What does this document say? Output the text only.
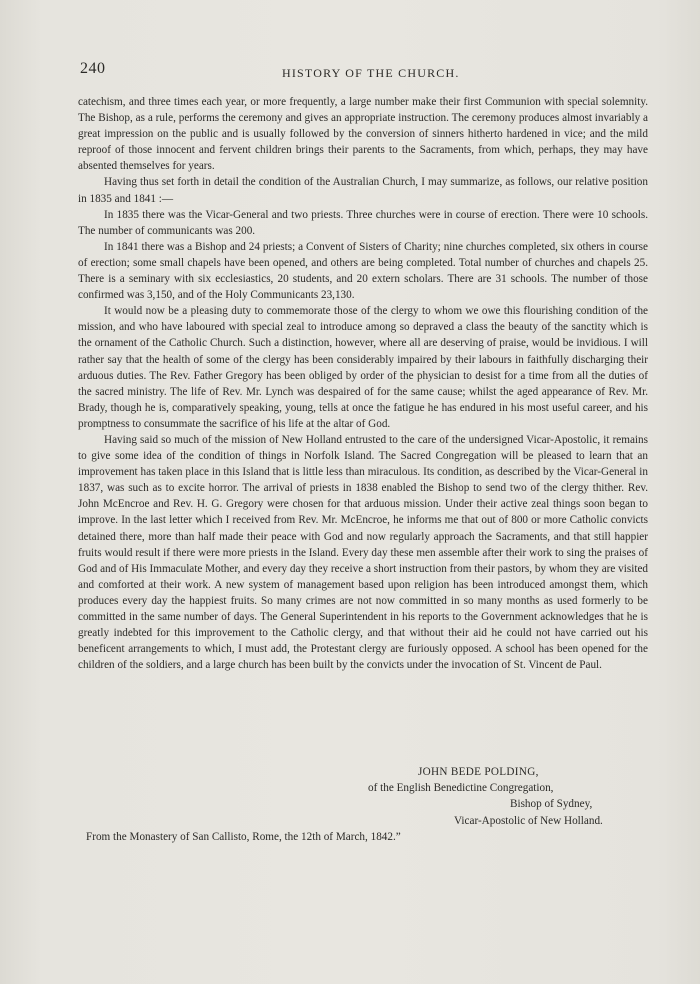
240	HISTORY OF THE CHURCH.

catechism, and three times each year, or more frequently, a large number make their first Communion with special solemnity. The Bishop, as a rule, performs the ceremony and gives an appropriate instruction. The ceremony produces almost invariably a great impression on the public and is usually followed by the conversion of sinners hitherto hardened in vice; and the mild reproof of those innocent and fervent children brings their parents to the Sacraments, from which, perhaps, they may have absented themselves for years.

Having thus set forth in detail the condition of the Australian Church, I may summarize, as follows, our relative position in 1835 and 1841 :—

In 1835 there was the Vicar-General and two priests. Three churches were in course of erection. There were 10 schools. The number of communicants was 200.

In 1841 there was a Bishop and 24 priests; a Convent of Sisters of Charity; nine churches completed, six others in course of erection; some small chapels have been opened, and others are being completed. Total number of churches and chapels 25. There is a seminary with six ecclesiastics, 20 students, and 20 extern scholars. There are 31 schools. The number of those confirmed was 3,150, and of the Holy Communicants 23,130.

It would now be a pleasing duty to commemorate those of the clergy to whom we owe this flourishing condition of the mission, and who have laboured with special zeal to introduce among so depraved a class the beauty of the sanctity which is the ornament of the Catholic Church. Such a distinction, however, where all are deserving of praise, would be invidious. I will rather say that the health of some of the clergy has been considerably impaired by their labours in faithfully discharging their arduous duties. The Rev. Father Gregory has been obliged by order of the physician to desist for a time from all the duties of the sacred ministry. The life of Rev. Mr. Lynch was despaired of for the same cause; whilst the aged appearance of Rev. Mr. Brady, though he is, comparatively speaking, young, tells at once the fatigue he has endured in his most useful career, and his promptness to consummate the sacrifice of his life at the altar of God.

Having said so much of the mission of New Holland entrusted to the care of the undersigned Vicar-Apostolic, it remains to give some idea of the condition of things in Norfolk Island. The Sacred Congregation will be pleased to learn that an improvement has taken place in this Island that is little less than miraculous. Its condition, as described by the Vicar-General in 1837, was such as to excite horror. The arrival of priests in 1838 enabled the Bishop to send two of the clergy thither. Rev. John McEncroe and Rev. H. G. Gregory were chosen for that arduous mission. Under their active zeal things soon began to improve. In the last letter which I received from Rev. Mr. McEncroe, he informs me that out of 800 or more Catholic convicts detained there, more than half made their peace with God and now regularly approach the Sacraments, and that still happier fruits would result if there were more priests in the Island. Every day these men assemble after their work to sing the praises of God and of His Immaculate Mother, and every day they receive a short instruction from their pastors, by whom they are visited and comforted at their work. A new system of management based upon religion has been introduced amongst them, which produces every day the happiest fruits. So many crimes are not now committed in so many months as used formerly to be committed in the same number of days. The General Superintendent in his reports to the Government acknowledges that he is greatly indebted for this improvement to the Catholic clergy, and that without their aid he could not have carried out his beneficent arrangements to which, I must add, the Protestant clergy are furiously opposed. A school has been opened for the children of the soldiers, and a large church has been built by the convicts under the invocation of St. Vincent de Paul.

JOHN BEDE POLDING,
of the English Benedictine Congregation,
Bishop of Sydney,
Vicar-Apostolic of New Holland.
From the Monastery of San Callisto, Rome, the 12th of March, 1842.”
